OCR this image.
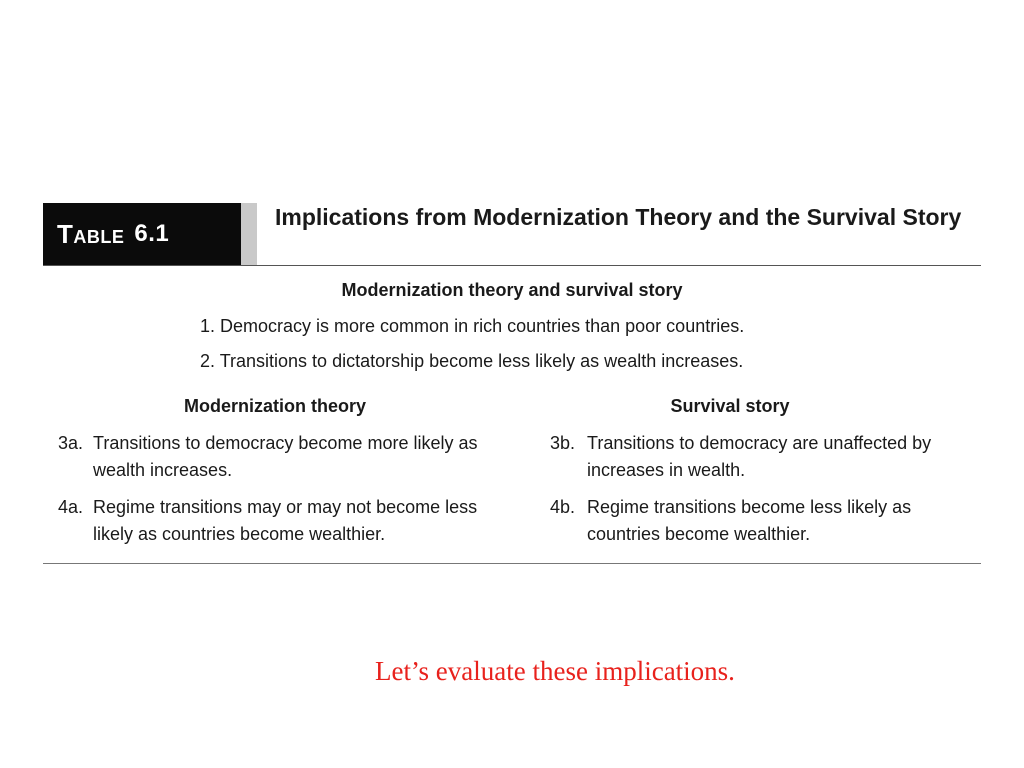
Table 6.1
Implications from Modernization Theory and the Survival Story
Modernization theory and survival story
1. Democracy is more common in rich countries than poor countries.
2. Transitions to dictatorship become less likely as wealth increases.
Modernization theory	Survival story
3a. Transitions to democracy become more likely as wealth increases.
4a. Regime transitions may or may not become less likely as countries become wealthier.
3b. Transitions to democracy are unaffected by increases in wealth.
4b. Regime transitions become less likely as countries become wealthier.
Let’s evaluate these implications.
